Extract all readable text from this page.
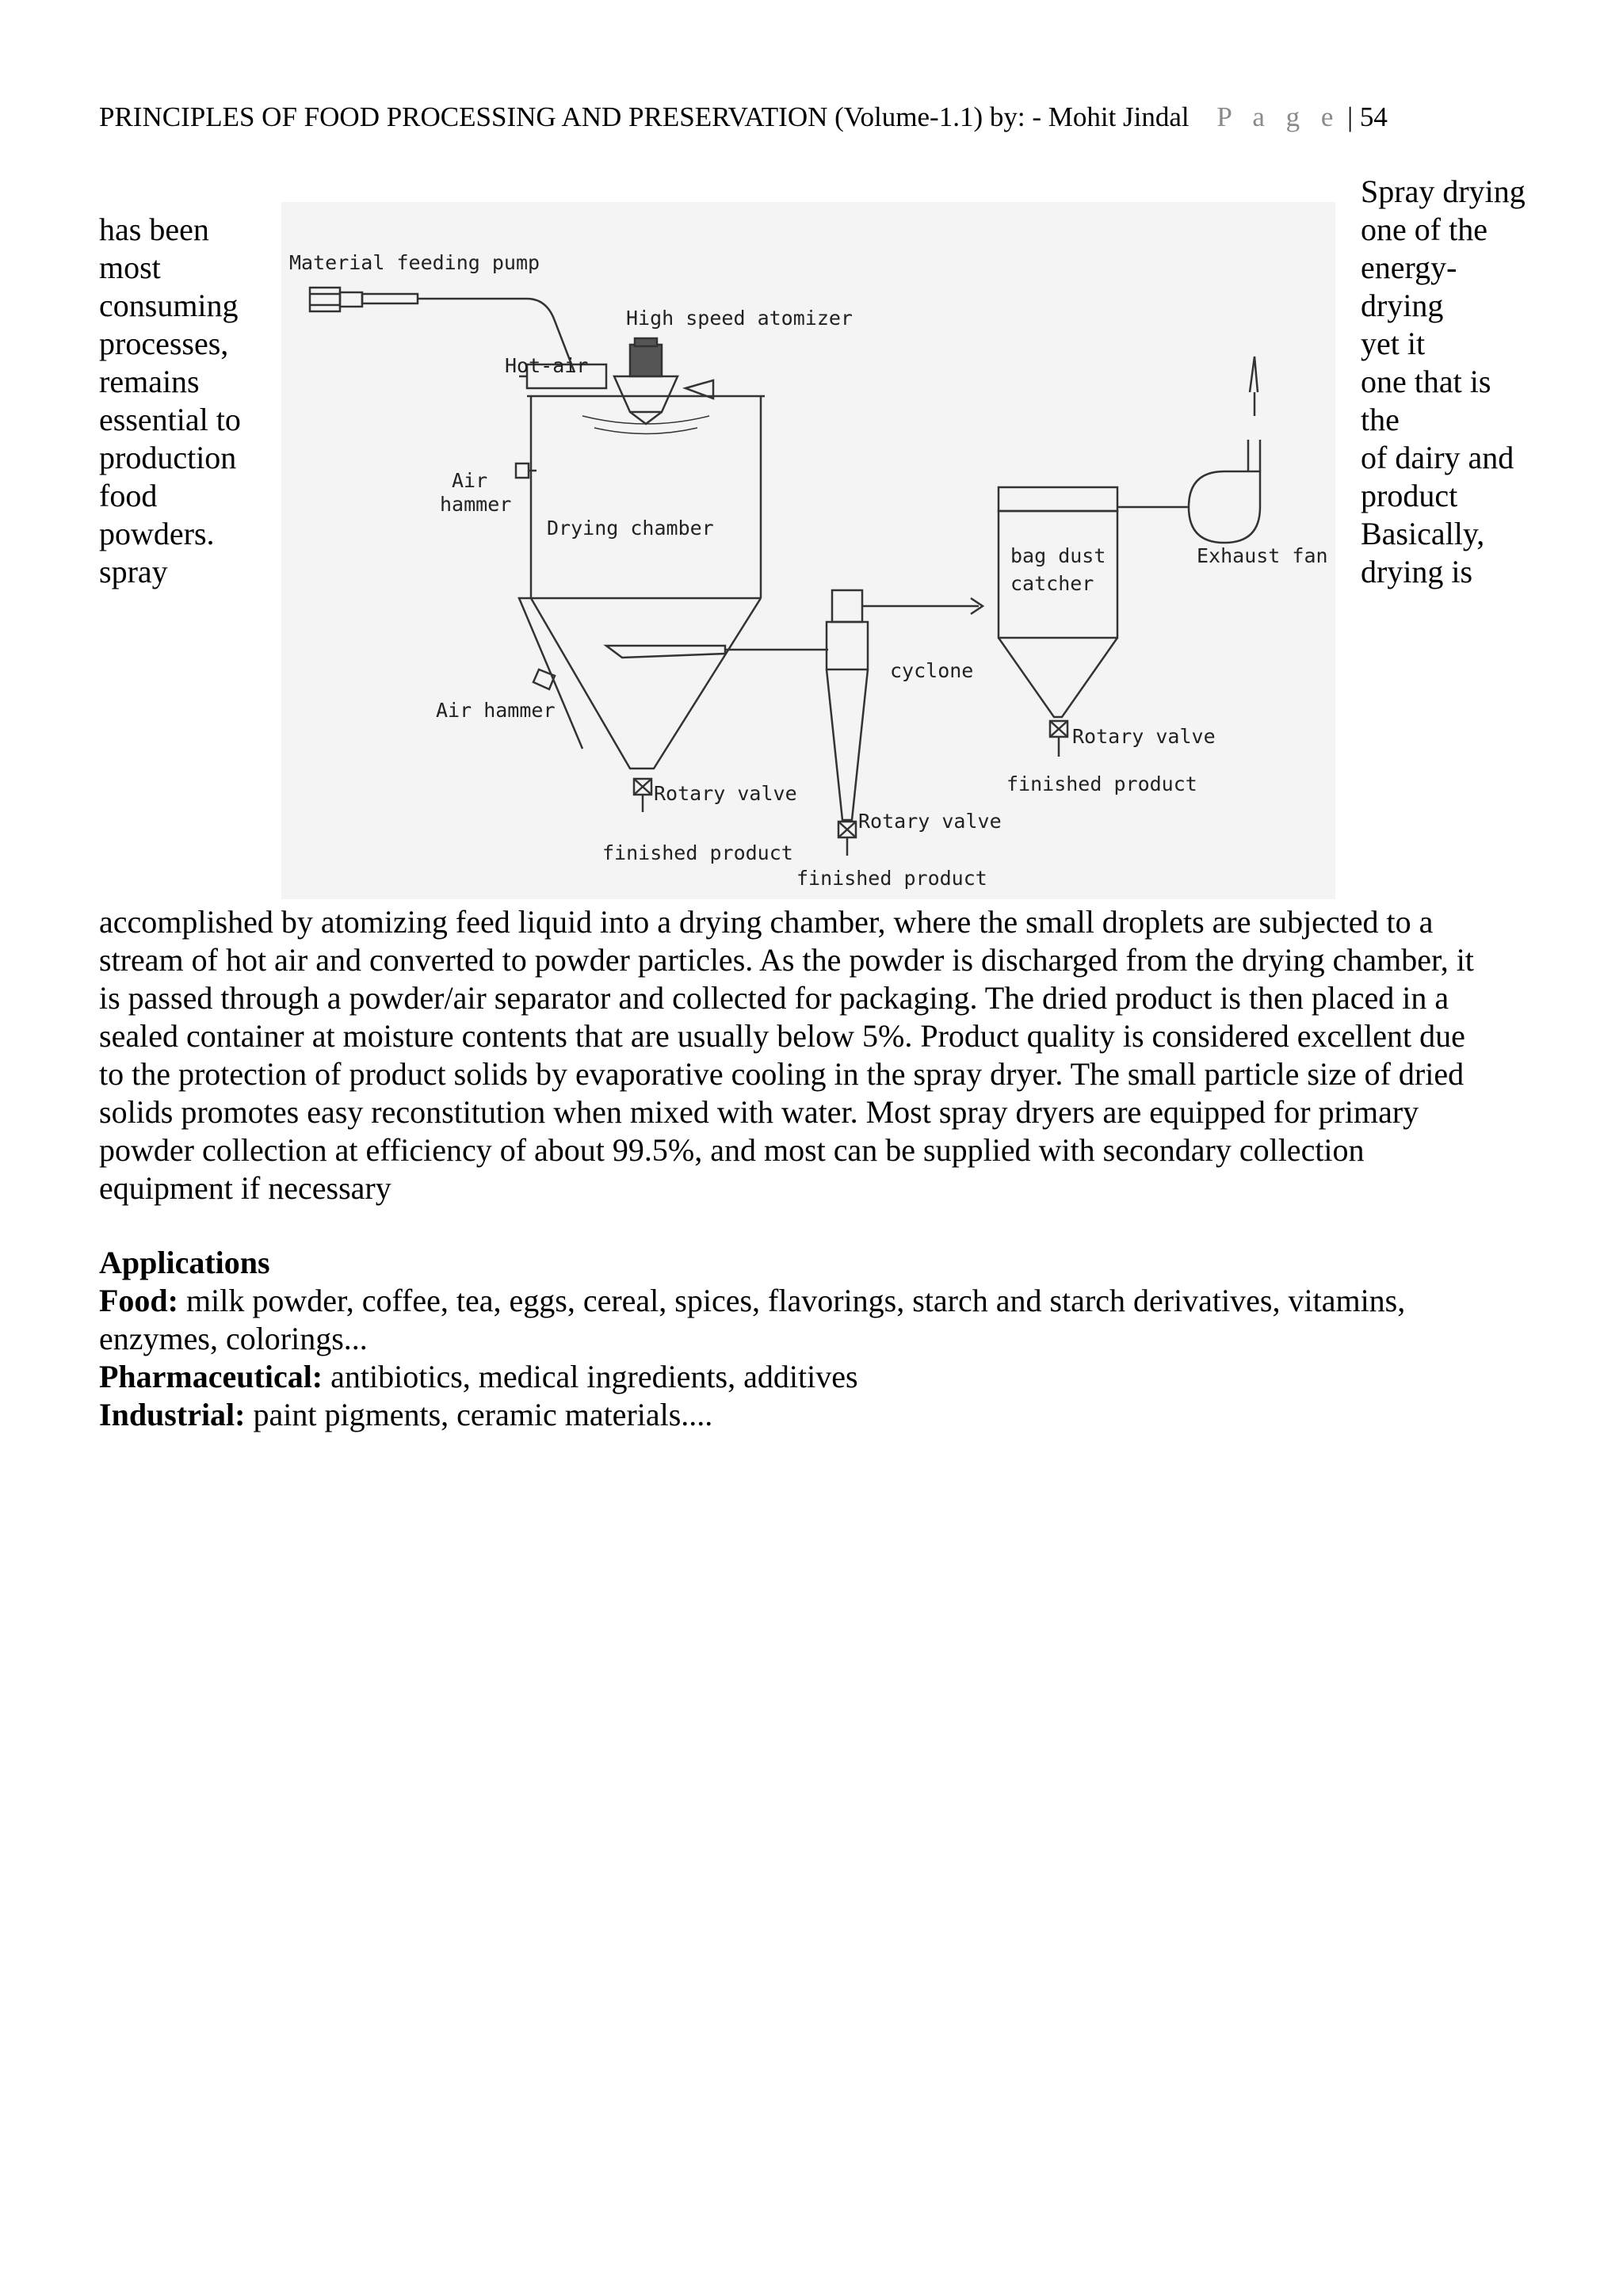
PRINCIPLES OF FOOD PROCESSING AND PRESERVATION (Volume-1.1) by: - Mohit Jindal P a g e | 54
has been
most
consuming
processes,
remains
essential to
production
food
powders.
spray
Spray drying
one of the
energy-
drying
yet it
one that is
the
of dairy and
product
Basically,
drying is
Material feeding pump
High speed atomizer
Hot-air
Air
hammer
Drying chamber
Air hammer
Rotary valve
finished product
cyclone
Rotary valve
finished product
bag dust
catcher
Rotary valve
finished product
Exhaust fan
accomplished by atomizing feed liquid into a drying chamber, where the small droplets are subjected to a
stream of hot air and converted to powder particles. As the powder is discharged from the drying chamber, it
is passed through a powder/air separator and collected for packaging. The dried product is then placed in a
sealed container at moisture contents that are usually below 5%. Product quality is considered excellent due
to the protection of product solids by evaporative cooling in the spray dryer. The small particle size of dried
solids promotes easy reconstitution when mixed with water. Most spray dryers are equipped for primary
powder collection at efficiency of about 99.5%, and most can be supplied with secondary collection
equipment if necessary
Applications
Food: milk powder, coffee, tea, eggs, cereal, spices, flavorings, starch and starch derivatives, vitamins,
enzymes, colorings...
Pharmaceutical: antibiotics, medical ingredients, additives
Industrial: paint pigments, ceramic materials....
